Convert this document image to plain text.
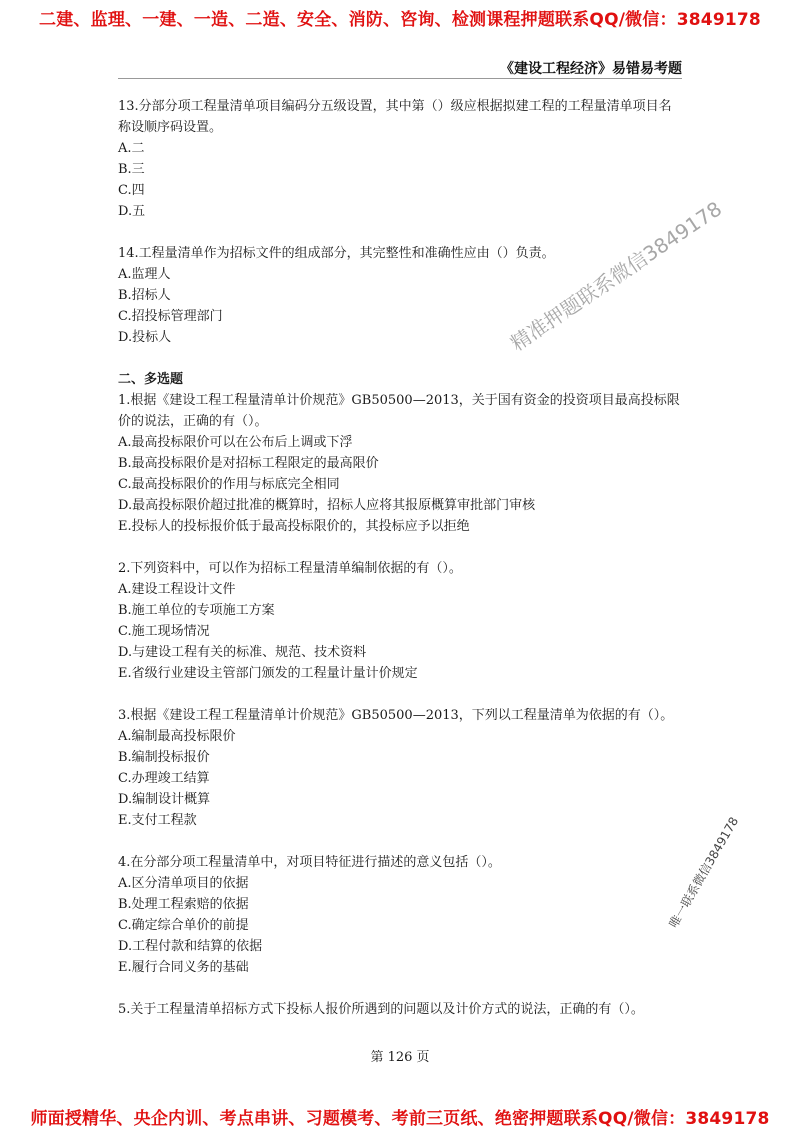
二建、监理、一建、一造、二造、安全、消防、咨询、检测课程押题联系QQ/微信：3849178
《建设工程经济》易错易考题

13.分部分项工程量清单项目编码分五级设置，其中第（）级应根据拟建工程的工程量清单项目名称设顺序码设置。

A.二

B.三

C.四

D.五

14.工程量清单作为招标文件的组成部分，其完整性和准确性应由（）负责。

A.监理人

B.招标人

C.招投标管理部门

D.投标人

二、多选题

1.根据《建设工程工程量清单计价规范》GB50500—2013，关于国有资金的投资项目最高投标限价的说法，正确的有（）。

A.最高投标限价可以在公布后上调或下浮

B.最高投标限价是对招标工程限定的最高限价

C.最高投标限价的作用与标底完全相同

D.最高投标限价超过批准的概算时，招标人应将其报原概算审批部门审核

E.投标人的投标报价低于最高投标限价的，其投标应予以拒绝

2.下列资料中，可以作为招标工程量清单编制依据的有（）。

A.建设工程设计文件

B.施工单位的专项施工方案

C.施工现场情况

D.与建设工程有关的标准、规范、技术资料

E.省级行业建设主管部门颁发的工程量计量计价规定

3.根据《建设工程工程量清单计价规范》GB50500—2013，下列以工程量清单为依据的有（）。

A.编制最高投标限价

B.编制投标报价

C.办理竣工结算

D.编制设计概算

E.支付工程款

4.在分部分项工程量清单中，对项目特征进行描述的意义包括（）。

A.区分清单项目的依据

B.处理工程索赔的依据

C.确定综合单价的前提

D.工程付款和结算的依据

E.履行合同义务的基础

5.关于工程量清单招标方式下投标人报价所遇到的问题以及计价方式的说法，正确的有（）。

精准押题联系微信3849178
唯一联系微信3849178
第 126 页
师面授精华、央企内训、考点串讲、习题模考、考前三页纸、绝密押题联系QQ/微信：3849178
